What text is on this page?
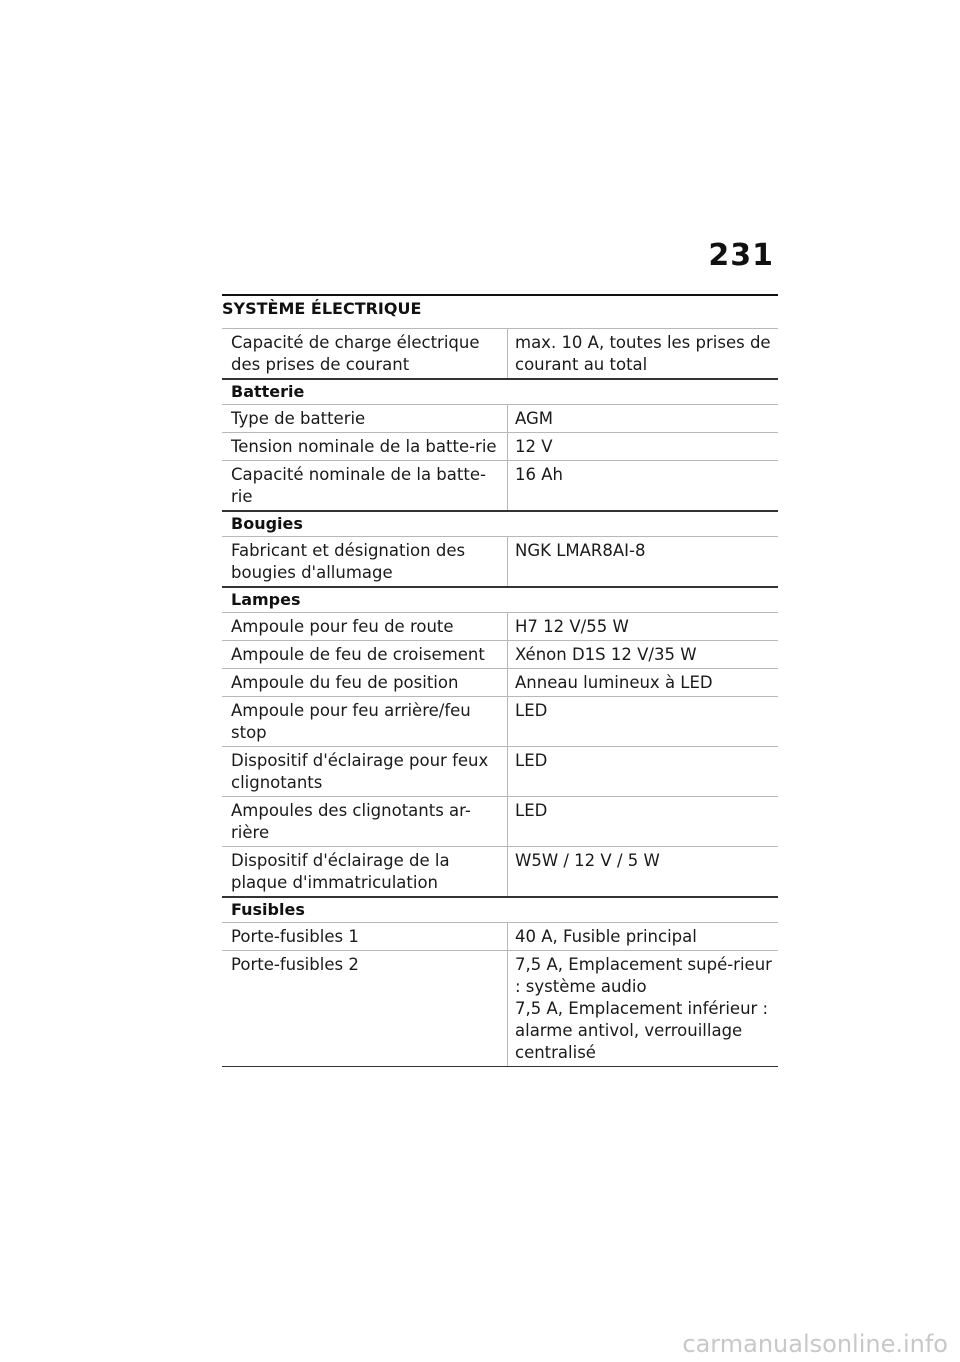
231
SYSTÈME ÉLECTRIQUE
Capacité de charge électrique des prises de courant	max. 10 A, toutes les prises de courant au total
Batterie	
Type de batterie	AGM
Tension nominale de la batte-rie	12 V
Capacité nominale de la batte-rie	16 Ah
Bougies	
Fabricant et désignation des bougies d'allumage	NGK LMAR8AI-8
Lampes	
Ampoule pour feu de route	H7 12 V/55 W
Ampoule de feu de croisement	Xénon D1S 12 V/35 W
Ampoule du feu de position	Anneau lumineux à LED
Ampoule pour feu arrière/feu stop	LED
Dispositif d'éclairage pour feux clignotants	LED
Ampoules des clignotants ar-rière	LED
Dispositif d'éclairage de la plaque d'immatriculation	W5W / 12 V / 5 W
Fusibles	
Porte-fusibles 1	40 A, Fusible principal
Porte-fusibles 2	7,5 A, Emplacement supé-rieur : système audio
7,5 A, Emplacement inférieur : alarme antivol, verrouillage centralisé
carmanualsonline.info
